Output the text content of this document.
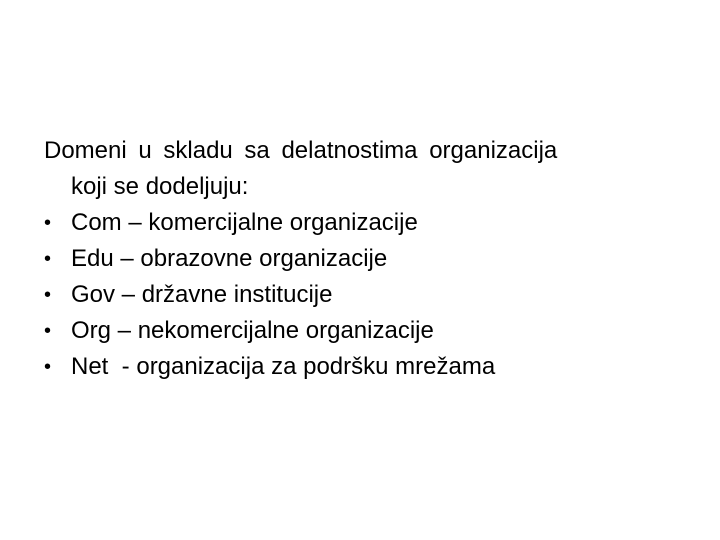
Domeni u skladu sa delatnostima organizacija

koji se dodeljuju:

• Com – komercijalne organizacije
• Edu – obrazovne organizacije
• Gov – državne institucije
• Org – nekomercijalne organizacije
• Net  - organizacija za podršku mrežama
